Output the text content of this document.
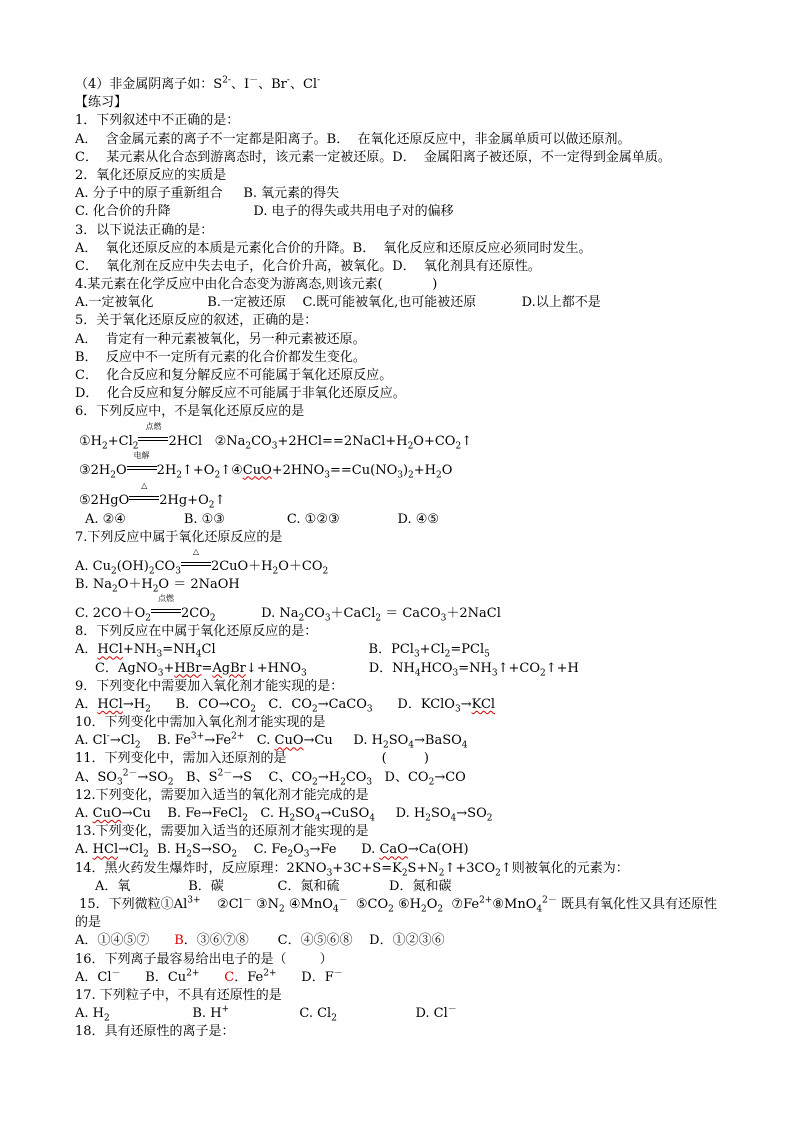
（4）非金属阴离子如：$S^{2-}$、I－、Br-、Cl-
【练习】
1．下列叙述中不正确的是：
A．  含金属元素的离子不一定都是阳离子。B．  在氧化还原反应中，非金属单质可以做还原剂。
C．  某元素从化合态到游离态时，该元素一定被还原。D．  金属阳离子被还原，不一定得到金属单质。
2．氧化还原反应的实质是
A. 分子中的原子重新组合     B. 氧元素的得失
C. 化合价的升降                    D. 电子的得失或共用电子对的偏移
3．以下说法正确的是：
A．  氧化还原反应的本质是元素化合价的升降。B．  氧化反应和还原反应必须同时发生。
C．  氧化剂在反应中失去电子，化合价升高，被氧化。D．  氧化剂具有还原性。
4.某元素在化学反应中由化合态变为游离态,则该元素(            )
A.一定被氧化             B.一定被还原    C.既可能被氧化,也可能被还原           D.以上都不是
5．关于氧化还原反应的叙述，正确的是：
A．  肯定有一种元素被氧化，另一种元素被还原。
B．  反应中不一定所有元素的化合价都发生变化。
C．  化合反应和复分解反应不可能属于氧化还原反应。
D．  化合反应和复分解反应不可能属于非氧化还原反应。
6．下列反应中，不是氧化还原反应的是
$①H_2+Cl_2$
点燃
2HCl   $②Na_2CO_3+2HCl==2NaCl+H_2O+CO_2↑$
$③2H_2O$
电解
$2H_2↑+O_2↑④CuO+2HNO_3==Cu(NO_3)_2+H_2O$
⑤2HgO
△
$2Hg+O_2↑$
A. ②④              B. ①③               C. ①②③              D. ④⑤
7.下列反应中属于氧化还原反应的是
A. $Cu_2(OH)_2CO_3$
△
$2CuO+H_2O+CO_2$
B. $Na_2O+H_2O$ ＝ 2NaOH
C. $2CO+O_2$
点燃
$2CO_2$           D. $Na_2CO_3+CaCl_2$ ＝ CaCO$_3$＋2NaCl
8．下列反应在中属于氧化还原反应的是：
A．$HCl+NH_3=NH_4Cl$                                     B．$PCl_3+Cl_2=PCl_5$
C．$AgNO_3+HBr=AgBr↓+HNO_3$               D．$NH_4HCO_3=NH_3↑+CO_2↑+H$
9．下列变化中需要加入氧化剂才能实现的是：
A．$HCl\to H_2$      B．$CO\to CO_2$   C．$CO_2\to CaCO_3$      D．KClO$_3$→KCl
10．下列变化中需加入氧化剂才能实现的是
A. $Cl^-\to Cl_2$    B. $Fe^{3+}\to Fe^{2+}$   C. CuO→Cu     D. $H_2SO_4\to BaSO_4$
11．下列变化中，需加入还原剂的是                       (         )
A、$SO_3^{2-}\to SO_2$   B、$S^{2-}\to S$    C、$CO_2\to H_2CO_3$   D、$CO_2\to CO$
12.下列变化，需要加入适当的氧化剂才能完成的是
A. CuO→Cu    B. Fe→FeCl$_2$   C. $H_2SO_4\to CuSO_4$     D. $H_2SO_4\to SO_2$
13.下列变化，需要加入适当的还原剂才能实现的是
A. $HCl\to Cl_2$  B. $H_2S\to SO_2$    C. $Fe_2O_3\to Fe$      D. CaO→Ca(OH)
14．黑火药发生爆炸时，反应原理：$2KNO_3+3C+S=K_2S+N_2↑+3CO_2↑$则被氧化的元素为：
A．氧              B．碳             C．氮和硫            D．氮和碳
15．下列微粒$①Al^{3+}$    ②Cl－ $③N_2$ ④MnO$_4$－  $⑤CO_2$ $⑥H_2O_2$  $⑦Fe^{2+}⑧MnO_4^{2-}$ 既具有氧化性又具有还原性
的是
A．①④⑤⑦      B．③⑥⑦⑧       C．④⑤⑥⑧    D．①②③⑥
16．下列离子最容易给出电子的是（        ）
A．Cl－      B．$Cu^{2+}$ C．$Fe^{2+}$      D．F－
17. 下列粒子中，不具有还原性的是
A. $H_2$                    B. H+                 C. $Cl_2$                   D. Cl－
18．具有还原性的离子是：
